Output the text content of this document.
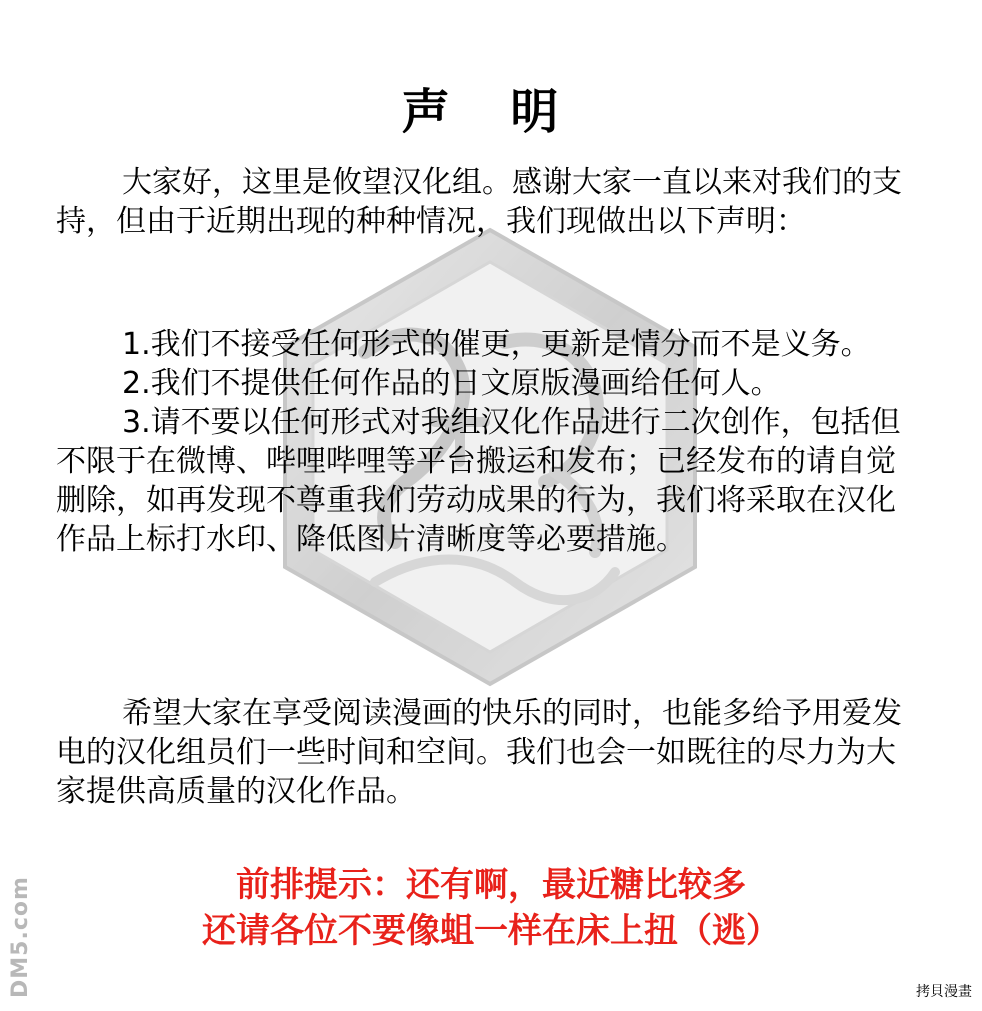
声 明

大家好，这里是攸望汉化组。感谢大家一直以来对我们的支持，但由于近期出现的种种情况，我们现做出以下声明：

1.我们不接受任何形式的催更，更新是情分而不是义务。

2.我们不提供任何作品的日文原版漫画给任何人。

3.请不要以任何形式对我组汉化作品进行二次创作，包括但不限于在微博、哔哩哔哩等平台搬运和发布；已经发布的请自觉删除，如再发现不尊重我们劳动成果的行为，我们将采取在汉化作品上标打水印、降低图片清晰度等必要措施。

希望大家在享受阅读漫画的快乐的同时，也能多给予用爱发电的汉化组员们一些时间和空间。我们也会一如既往的尽力为大家提供高质量的汉化作品。

前排提示：还有啊，最近糖比较多
还请各位不要像蛆一样在床上扭（逃）
DM5.com	拷貝漫畫
